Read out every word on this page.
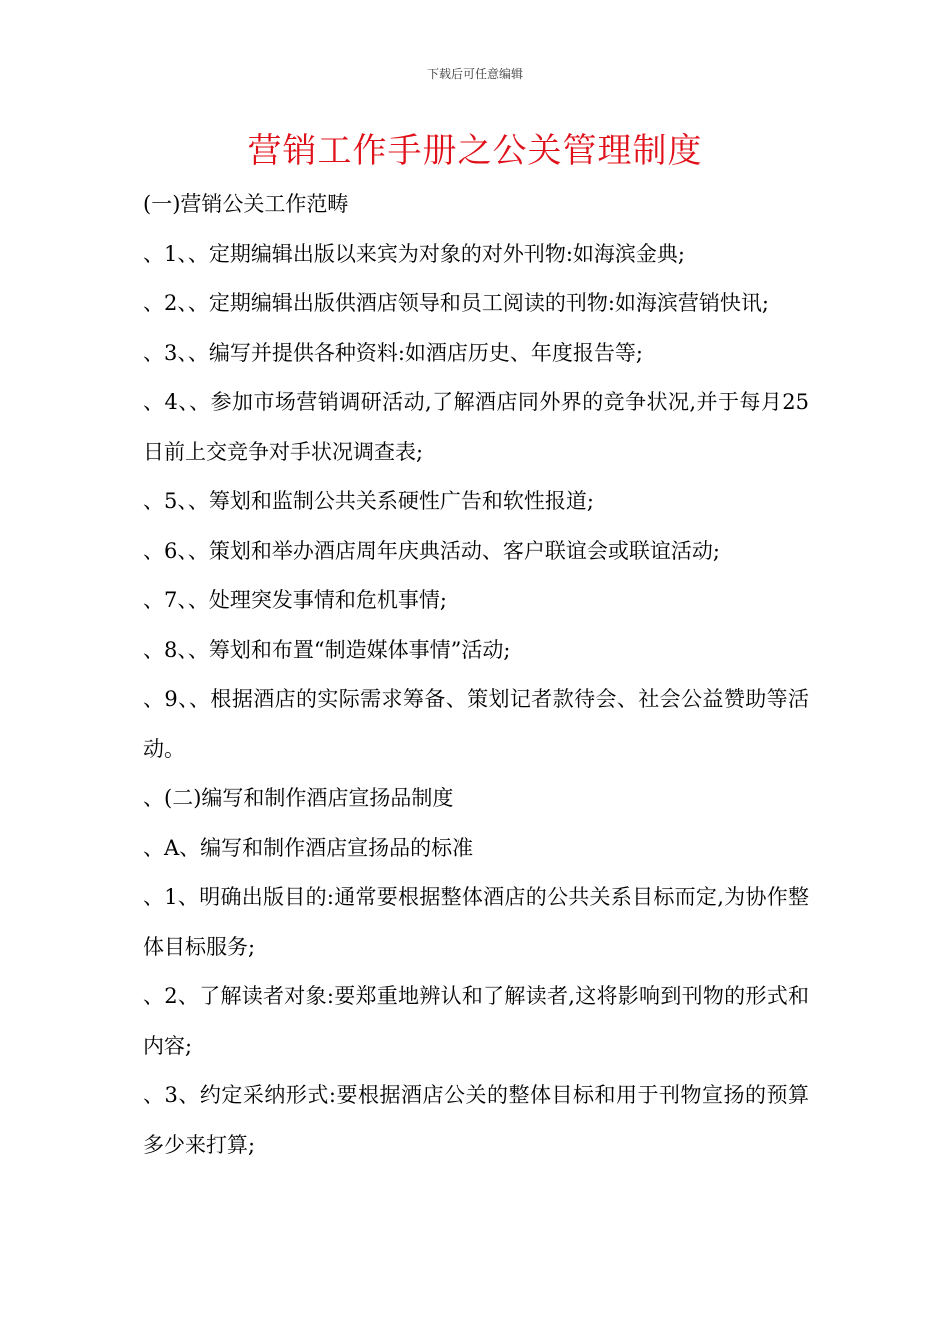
下载后可任意编辑
营销工作手册之公关管理制度

(一)营销公关工作范畴

、1、、定期编辑出版以来宾为对象的对外刊物:如海滨金典;

、2、、定期编辑出版供酒店领导和员工阅读的刊物:如海滨营销快讯;

、3、、编写并提供各种资料:如酒店历史、年度报告等;

、4、、参加市场营销调研活动,了解酒店同外界的竞争状况,并于每月25日前上交竞争对手状况调查表;

、5、、筹划和监制公共关系硬性广告和软性报道;

、6、、策划和举办酒店周年庆典活动、客户联谊会或联谊活动;

、7、、处理突发事情和危机事情;

、8、、筹划和布置“制造媒体事情”活动;

、9、、根据酒店的实际需求筹备、策划记者款待会、社会公益赞助等活动。

、(二)编写和制作酒店宣扬品制度

、A、编写和制作酒店宣扬品的标准

、1、明确出版目的:通常要根据整体酒店的公共关系目标而定,为协作整体目标服务;

、2、了解读者对象:要郑重地辨认和了解读者,这将影响到刊物的形式和内容;

、3、约定采纳形式:要根据酒店公关的整体目标和用于刊物宣扬的预算多少来打算;
